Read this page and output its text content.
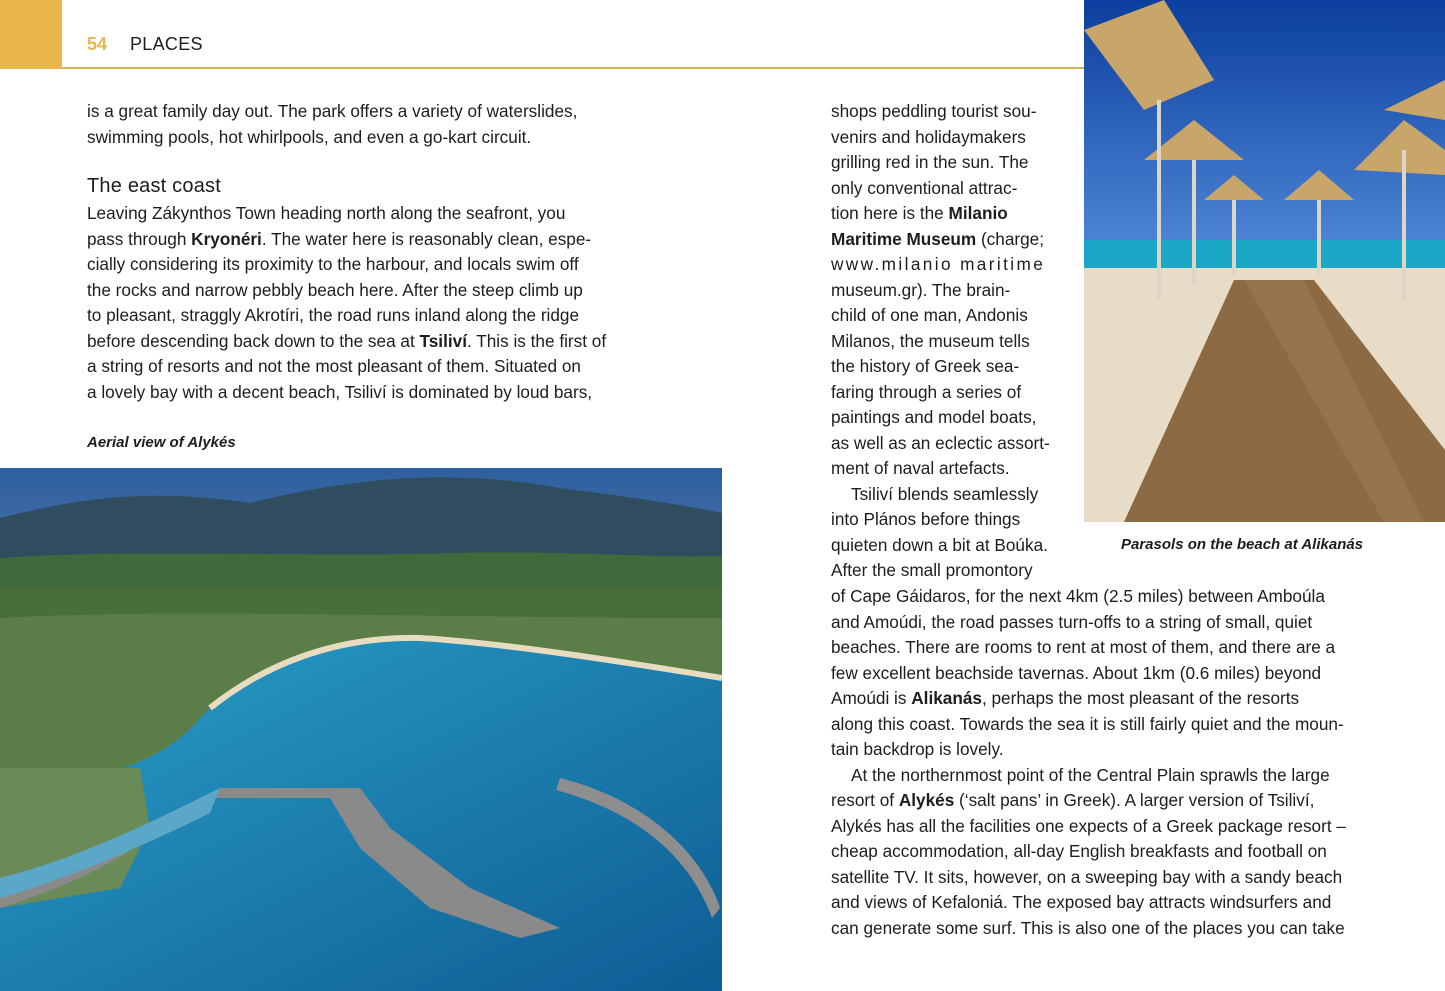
54 PLACES

is a great family day out. The park offers a variety of waterslides,

swimming pools, hot whirlpools, and even a go-kart circuit.

The east coast

Leaving Zákynthos Town heading north along the seafront, you

pass through Kryonéri. The water here is reasonably clean, espe-

cially considering its proximity to the harbour, and locals swim off

the rocks and narrow pebbly beach here. After the steep climb up

to pleasant, straggly Akrotíri, the road runs inland along the ridge

before descending back down to the sea at Tsiliví. This is the first of

a string of resorts and not the most pleasant of them. Situated on

a lovely bay with a decent beach, Tsiliví is dominated by loud bars,

Aerial view of Alykés

shops peddling tourist sou-

venirs and holidaymakers

grilling red in the sun. The

only conventional attrac-

tion here is the Milanio

Maritime Museum (charge;

www.milanio maritime

museum.gr). The brain-

child of one man, Andonis

Milanos, the museum tells

the history of Greek sea-

faring through a series of

paintings and model boats,

as well as an eclectic assort-

ment of naval artefacts.

Tsiliví blends seamlessly

into Plános before things

quieten down a bit at Boúka.

After the small promontory

Parasols on the beach at Alikanás

of Cape Gáidaros, for the next 4km (2.5 miles) between Amboúla

and Amoúdi, the road passes turn-offs to a string of small, quiet

beaches. There are rooms to rent at most of them, and there are a

few excellent beachside tavernas. About 1km (0.6 miles) beyond

Amoúdi is Alikanás, perhaps the most pleasant of the resorts

along this coast. Towards the sea it is still fairly quiet and the moun-

tain backdrop is lovely.

At the northernmost point of the Central Plain sprawls the large

resort of Alykés (‘salt pans’ in Greek). A larger version of Tsiliví,

Alykés has all the facilities one expects of a Greek package resort –

cheap accommodation, all-day English breakfasts and football on

satellite TV. It sits, however, on a sweeping bay with a sandy beach

and views of Kefaloniá. The exposed bay attracts windsurfers and

can generate some surf. This is also one of the places you can take
